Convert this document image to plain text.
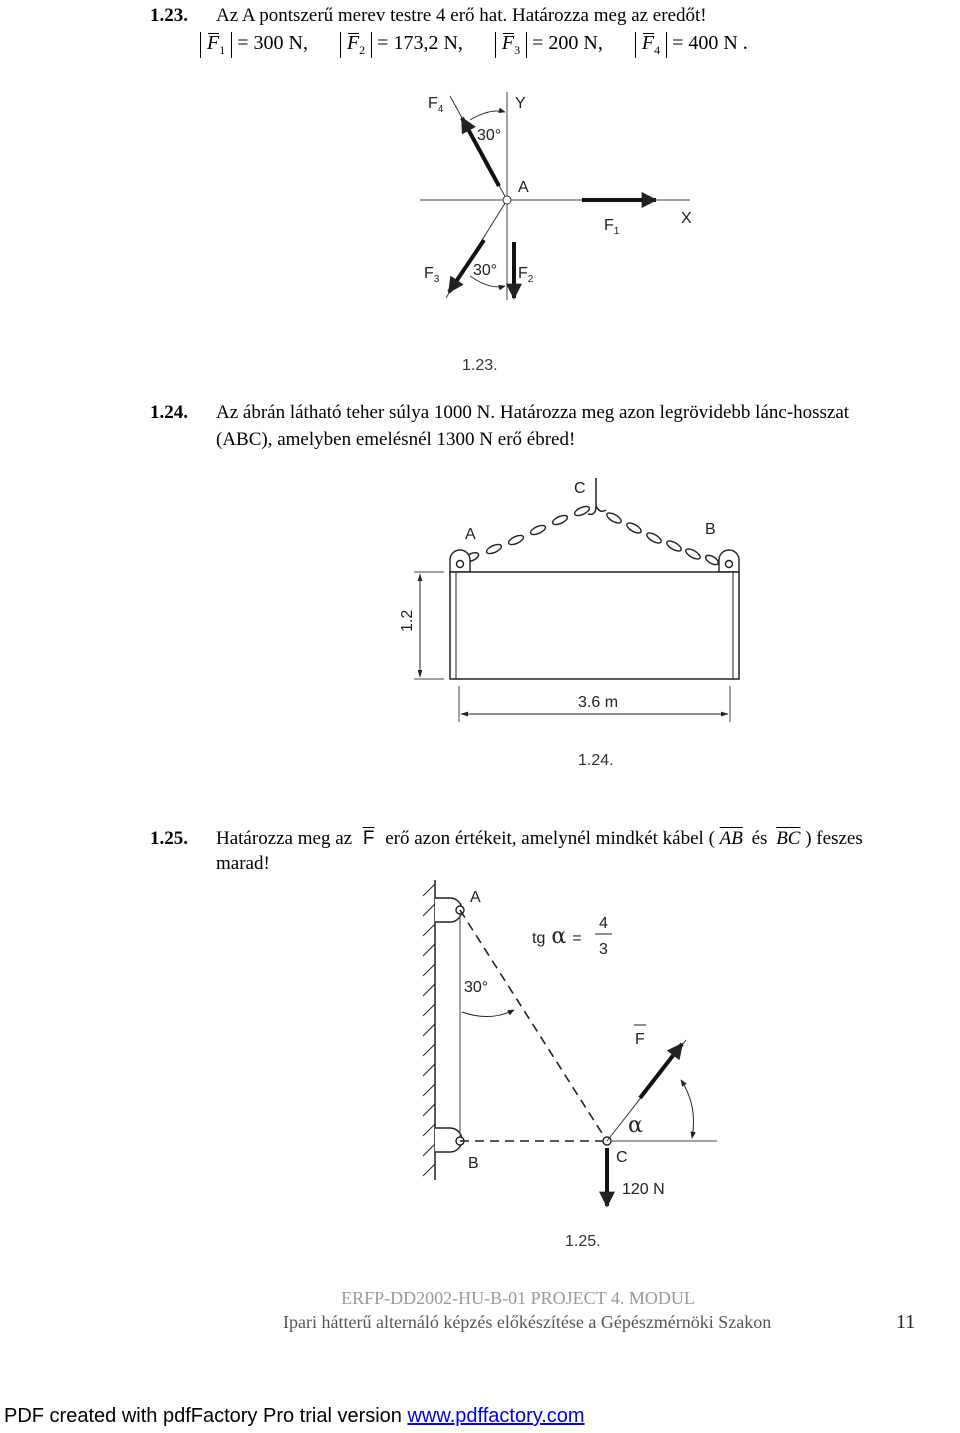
1.23. Az A pontszerű merev testre 4 erő hat. Határozza meg az eredőt!
$F_1 = 300$ N, $F_2 = 173,2$ N, $F_3 = 200$ N, $F_4 = 400$ N .
$F_4$	Y
30°
A
$F_1$
X
$F_3$
30° $F_2$
1.23.
1.24. Az ábrán látható teher súlya 1000 N. Határozza meg azon legrövidebb lánc-hosszat
(ABC), amelyben emelésnél 1300 N erő ébred!
1.2
3.6 m
C
A	B
1.24.
1.25. Határozza meg az $\overline{F}$ erő azon értékeit, amelynél mindkét kábel ( $\overline{AB}$ és $\overline{BC}$ ) feszes
marad!
A
tg α =
4
3
30°
F
α
B	C
120 N
1.25.
ERFP-DD2002-HU-B-01 PROJECT 4. MODUL
Ipari hátterű alternáló képzés előkészítése a Gépészmérnöki Szakon	11
PDF created with pdfFactory Pro trial version www.pdffactory.com
